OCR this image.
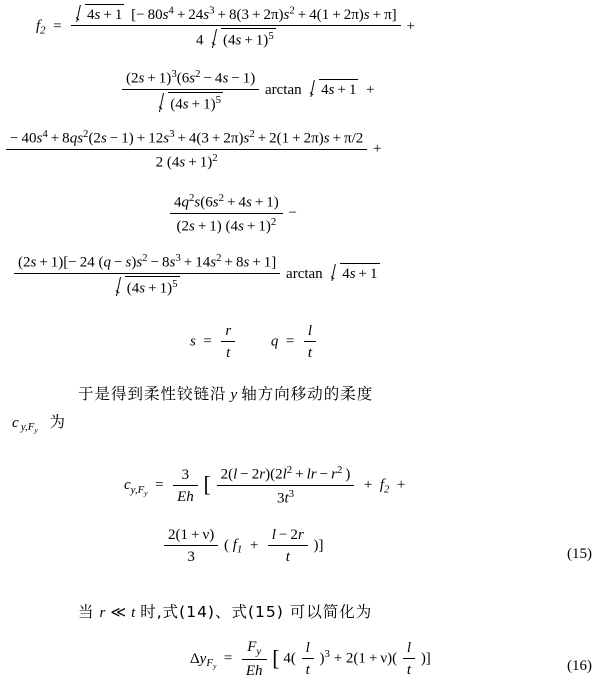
$f_2$  =
4s + 1  [− $80s^4 + 24s^3 + 8(3 + 2\pi)s^2 + 4(1 + 2\pi)s + \pi$]
4  $(4s + 1)^5$
+
$\frac{(2s + 1)^3(6s^2 - 4s - 1)}{(4s + 1)^5}$ arctan  4s + 1  +
− $40s^4 + 8qs^2(2s - 1) + 12s^3 + 4(3 + 2\pi)s^2 + 2(1 + 2\pi)s + \pi/2$
2 $(4s + 1)^2$
+
$\frac{4q^2s(6s^2 + 4s + 1)}{(2s + 1) (4s + 1)^2}$ −
$\frac{(2s + 1)[- 24 (q - s)s^2 - 8s^3 + 14s^2 + 8s + 1]}{(4s + 1)^5}$ arctan  4s + 1
$s = \frac{r}{t}$ $q = \frac{l}{t}$
于是得到柔性铰链沿 y 轴方向移动的柔度
c $_{y,F_y}$ 为
$c_{y,F_y} = \frac{3}{Eh}$ [ $\frac{2(l - 2r)(2l^2 + lr - r^2 )}{3t^3} + f_2$  +
$\frac{2(1 + \nu)}{3}$ ( $f_1 + \frac{l - 2r}{t}$ )]
(15)
当 r ≪ t 时,式(14)、式(15) 可以简化为
$\Delta y_{F_y} = \frac{F_y}{Eh}$ [ $4( \frac{l}{t} )^3 + 2(1 + \nu)( \frac{l}{t}$ )]	(16)
